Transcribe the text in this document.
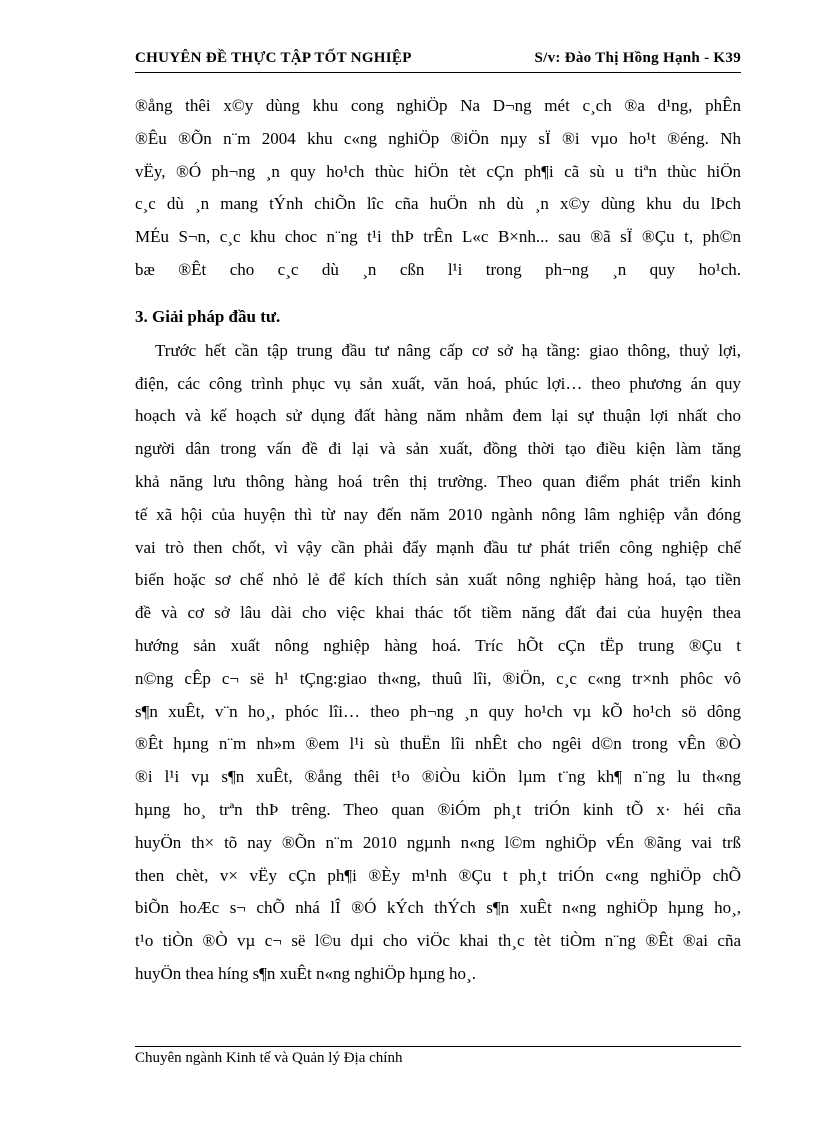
CHUYÊN ĐỀ THỰC TẬP TỐT NGHIỆP	S/v: Đào Thị Hồng Hạnh - K39

®ång thêi x©y dùng khu cong nghiÖp Na D¬ng mét c¸ch ®a d¹ng, phÊn
®Êu ®Õn n¨m 2004 khu c«ng nghiÖp ®iÖn nµy sÏ ®i vµo ho¹t ®éng. Nh
vËy, ®Ó ph¬ng ¸n quy ho¹ch thùc hiÖn tèt cÇn ph¶i cã sù u tiªn thùc hiÖn
c¸c dù ¸n mang tÝnh chiÕn lîc cña huÖn nh dù ¸n x©y dùng khu du lÞch
MÉu S¬n, c¸c khu choc n¨ng t¹i thÞ trÊn L«c B×nh... sau ®ã sÏ ®Çu t, ph©n
bæ ®Êt cho c¸c dù ¸n cßn l¹i trong ph¬ng ¸n quy ho¹ch.

3. Giải pháp đầu tư.

Trước hết cần tập trung đầu tư nâng cấp cơ sở hạ tầng: giao thông, thuỷ lợi,
điện, các công trình phục vụ sản xuất, văn hoá, phúc lợi… theo phương án quy
hoạch và kế hoạch sử dụng đất hàng năm nhằm đem lại sự thuận lợi nhất cho
người dân trong vấn đề đi lại và sản xuất, đồng thời tạo điều kiện làm tăng
khả năng lưu thông hàng hoá trên thị trường. Theo quan điểm phát triển kinh
tế xã hội của huyện thì từ nay đến năm 2010 ngành nông lâm nghiệp vẫn đóng
vai trò then chốt, vì vậy cần phải đẩy mạnh đầu tư phát triển công nghiệp chế
biến hoặc sơ chế nhỏ lẻ để kích thích sản xuất nông nghiệp hàng hoá, tạo tiền
đề và cơ sở lâu dài cho việc khai thác tốt tiềm năng đất đai của huyện thea
hướng sản xuất nông nghiệp hàng hoá. Tríc hÕt cÇn tËp trung ®Çu t
n©ng cÊp c¬ së h¹ tÇng:giao th«ng, thuû lîi, ®iÖn, c¸c c«ng tr×nh phôc vô
s¶n xuÊt, v¨n ho¸, phóc lîi… theo ph¬ng ¸n quy ho¹ch vµ kÕ ho¹ch sö dông
®Êt hµng n¨m nh»m ®em l¹i sù thuËn lîi nhÊt cho ngêi d©n trong vÊn ®Ò
®i l¹i vµ s¶n xuÊt, ®ång thêi t¹o ®iÒu kiÖn lµm t¨ng kh¶ n¨ng lu th«ng
hµng ho¸ trªn thÞ trêng. Theo quan ®iÓm ph¸t triÓn kinh tÕ x· héi cña
huyÖn th× tõ nay ®Õn n¨m 2010 ngµnh n«ng l©m nghiÖp vÉn ®ãng vai trß
then chèt, v× vËy cÇn ph¶i ®Èy m¹nh ®Çu t ph¸t triÓn c«ng nghiÖp chÕ
biÕn hoÆc s¬ chÕ nhá lÎ ®Ó kÝch thÝch s¶n xuÊt n«ng nghiÖp hµng ho¸,
t¹o tiÒn ®Ò vµ c¬ së l©u dµi cho viÖc khai th¸c tèt tiÒm n¨ng ®Êt ®ai cña
huyÖn thea híng s¶n xuÊt n«ng nghiÖp hµng ho¸.

Chuyên ngành Kinh tế và Quản lý Địa chính
